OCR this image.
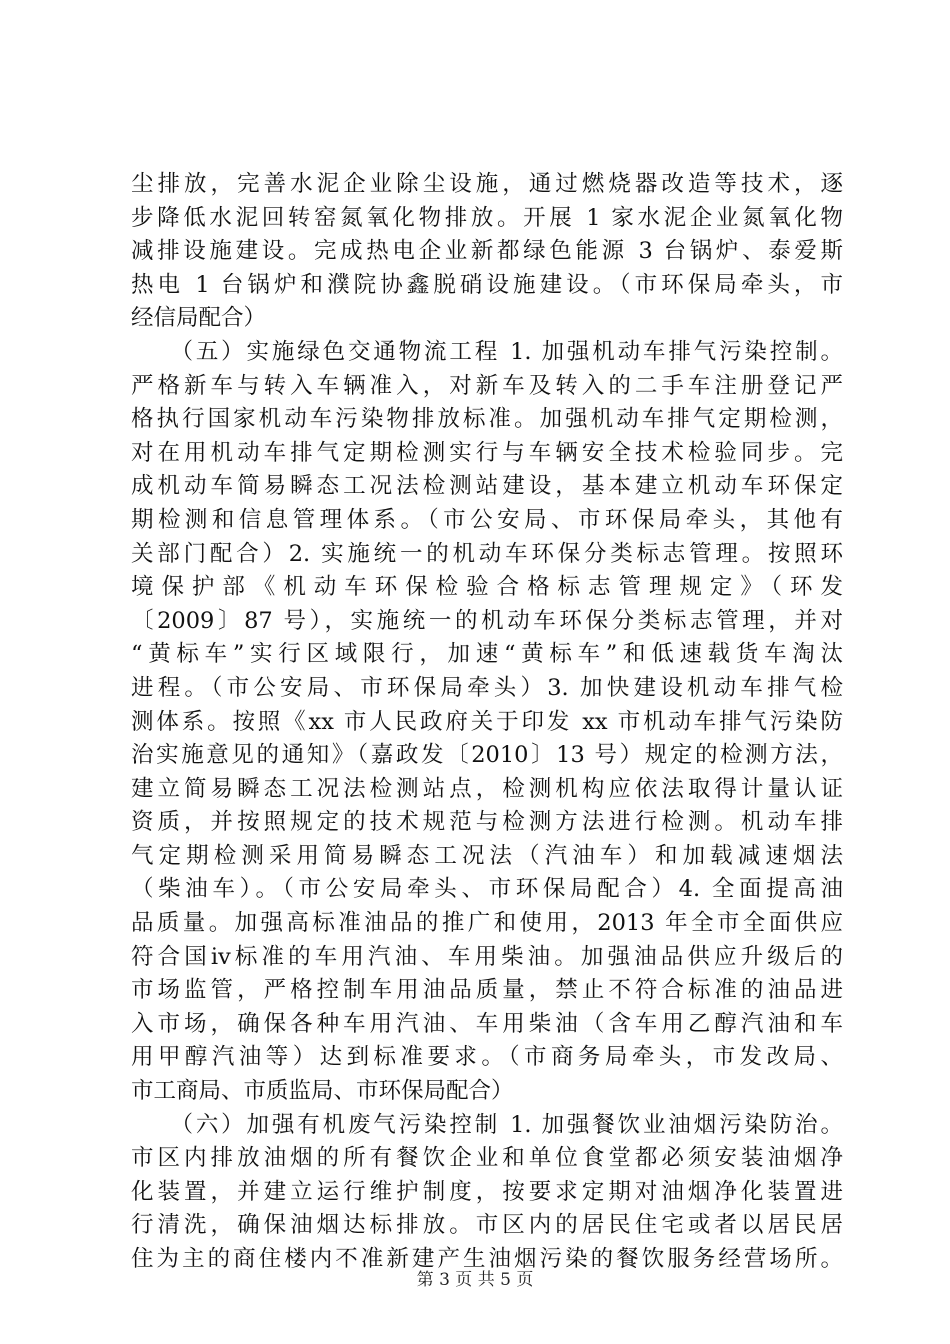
尘排放，完善水泥企业除尘设施，通过燃烧器改造等技术，逐
步降低水泥回转窑氮氧化物排放。开展 1 家水泥企业氮氧化物
减排设施建设。完成热电企业新都绿色能源 3 台锅炉、泰爱斯
热电 1 台锅炉和濮院协鑫脱硝设施建设。（市环保局牵头，市
经信局配合）
　　（五）实施绿色交通物流工程 1. 加强机动车排气污染控制。
严格新车与转入车辆准入，对新车及转入的二手车注册登记严
格执行国家机动车污染物排放标准。加强机动车排气定期检测，
对在用机动车排气定期检测实行与车辆安全技术检验同步。完
成机动车简易瞬态工况法检测站建设，基本建立机动车环保定
期检测和信息管理体系。（市公安局、市环保局牵头，其他有
关部门配合）2. 实施统一的机动车环保分类标志管理。按照环
境保护部《机动车环保检验合格标志管理规定》（环发
〔2009〕87 号），实施统一的机动车环保分类标志管理，并对
“黄标车”实行区域限行，加速“黄标车”和低速载货车淘汰
进程。（市公安局、市环保局牵头）3. 加快建设机动车排气检
测体系。按照《xx 市人民政府关于印发 xx 市机动车排气污染防
治实施意见的通知》（嘉政发〔2010〕13 号）规定的检测方法，
建立简易瞬态工况法检测站点，检测机构应依法取得计量认证
资质，并按照规定的技术规范与检测方法进行检测。机动车排
气定期检测采用简易瞬态工况法（汽油车）和加载减速烟法
（柴油车）。（市公安局牵头、市环保局配合）4. 全面提高油
品质量。加强高标准油品的推广和使用，2013 年全市全面供应
符合国ⅳ标准的车用汽油、车用柴油。加强油品供应升级后的
市场监管，严格控制车用油品质量，禁止不符合标准的油品进
入市场，确保各种车用汽油、车用柴油（含车用乙醇汽油和车
用甲醇汽油等）达到标准要求。（市商务局牵头，市发改局、
市工商局、市质监局、市环保局配合）
　　（六）加强有机废气污染控制 1. 加强餐饮业油烟污染防治。
市区内排放油烟的所有餐饮企业和单位食堂都必须安装油烟净
化装置，并建立运行维护制度，按要求定期对油烟净化装置进
行清洗，确保油烟达标排放。市区内的居民住宅或者以居民居
住为主的商住楼内不准新建产生油烟污染的餐饮服务经营场所。
第 3 页 共 5 页
